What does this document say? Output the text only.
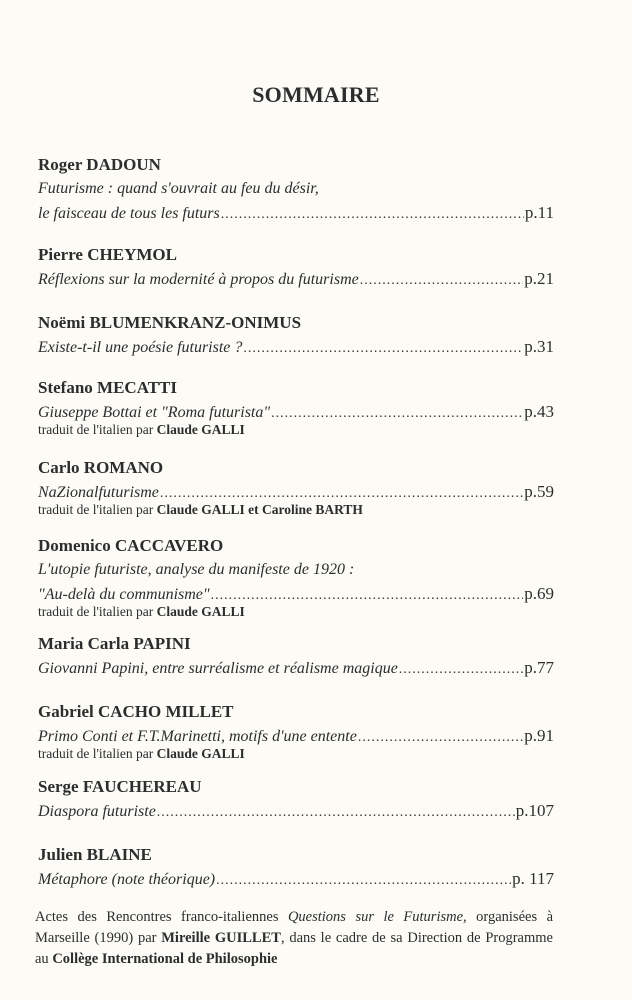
SOMMAIRE
Roger DADOUN
Futurisme : quand s'ouvrait au feu du désir,
le faisceau de tous les futurs .....	p.11
Pierre CHEYMOL
Réflexions sur la modernité à propos du futurisme .....	p.21
Noëmi BLUMENKRANZ-ONIMUS
Existe-t-il une poésie futuriste ? .....	p.31
Stefano MECATTI
Giuseppe Bottai et "Roma futurista" .....	p.43
traduit de l'italien par Claude GALLI
Carlo ROMANO
NaZionalfuturisme .....	p.59
traduit de l'italien par Claude GALLI et Caroline BARTH
Domenico CACCAVERO
L'utopie futuriste, analyse du manifeste de 1920 :
"Au-delà du communisme" .....	p.69
traduit de l'italien par Claude GALLI
Maria Carla PAPINI
Giovanni Papini, entre surréalisme et réalisme magique .....	p.77
Gabriel CACHO MILLET
Primo Conti et F.T.Marinetti, motifs d'une entente .....	p.91
traduit de l'italien par Claude GALLI
Serge FAUCHEREAU
Diaspora futuriste .....	p.107
Julien BLAINE
Métaphore (note théorique) .....	p. 117
Actes des Rencontres franco-italiennes Questions sur le Futurisme, organisées à Marseille (1990) par Mireille GUILLET, dans le cadre de sa Direction de Programme au Collège International de Philosophie
